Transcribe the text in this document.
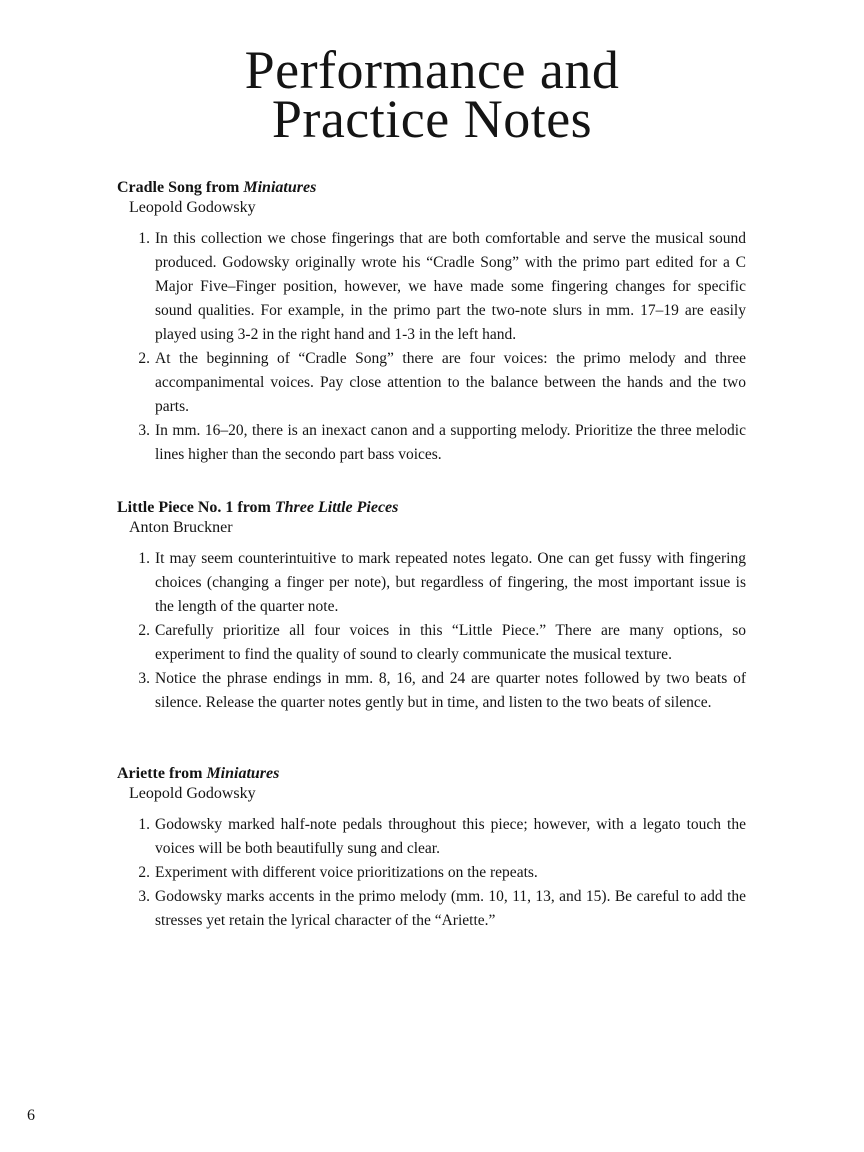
Performance and
Practice Notes
Cradle Song from Miniatures
Leopold Godowsky
1. In this collection we chose fingerings that are both comfortable and serve the musical sound produced. Godowsky originally wrote his “Cradle Song” with the primo part edited for a C Major Five–Finger position, however, we have made some fingering changes for specific sound qualities. For example, in the primo part the two-note slurs in mm. 17–19 are easily played using 3-2 in the right hand and 1-3 in the left hand.
2. At the beginning of “Cradle Song” there are four voices: the primo melody and three accompanimental voices. Pay close attention to the balance between the hands and the two parts.
3. In mm. 16–20, there is an inexact canon and a supporting melody. Prioritize the three melodic lines higher than the secondo part bass voices.
Little Piece No. 1 from Three Little Pieces
Anton Bruckner
1. It may seem counterintuitive to mark repeated notes legato. One can get fussy with fingering choices (changing a finger per note), but regardless of fingering, the most important issue is the length of the quarter note.
2. Carefully prioritize all four voices in this “Little Piece.” There are many options, so experiment to find the quality of sound to clearly communicate the musical texture.
3. Notice the phrase endings in mm. 8, 16, and 24 are quarter notes followed by two beats of silence. Release the quarter notes gently but in time, and listen to the two beats of silence.
Ariette from Miniatures
Leopold Godowsky
1. Godowsky marked half-note pedals throughout this piece; however, with a legato touch the voices will be both beautifully sung and clear.
2. Experiment with different voice prioritizations on the repeats.
3. Godowsky marks accents in the primo melody (mm. 10, 11, 13, and 15). Be careful to add the stresses yet retain the lyrical character of the “Ariette.”
6
